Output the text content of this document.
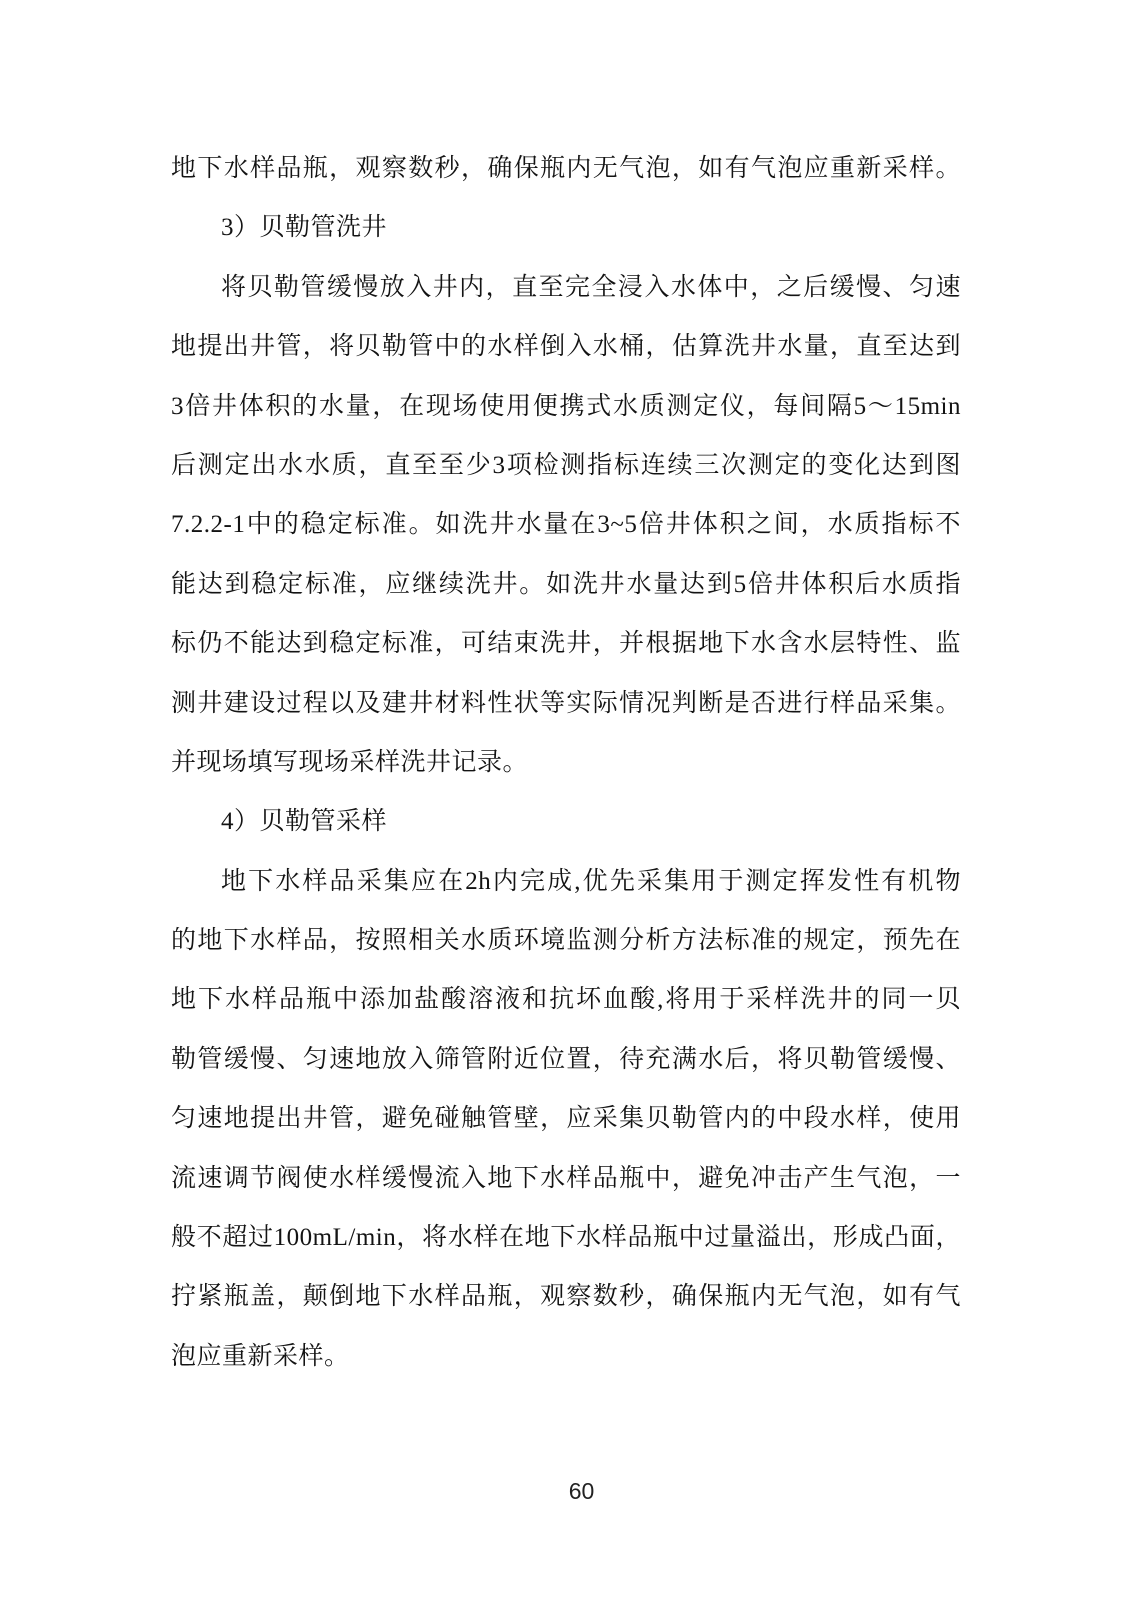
地下水样品瓶，观察数秒，确保瓶内无气泡，如有气泡应重新采样。
3）贝勒管洗井
将贝勒管缓慢放入井内，直至完全浸入水体中，之后缓慢、匀速
地提出井管，将贝勒管中的水样倒入水桶，估算洗井水量，直至达到
3倍井体积的水量，在现场使用便携式水质测定仪，每间隔5～15min
后测定出水水质，直至至少3项检测指标连续三次测定的变化达到图
7.2.2-1中的稳定标准。如洗井水量在3~5倍井体积之间，水质指标不
能达到稳定标准，应继续洗井。如洗井水量达到5倍井体积后水质指
标仍不能达到稳定标准，可结束洗井，并根据地下水含水层特性、监
测井建设过程以及建井材料性状等实际情况判断是否进行样品采集。
并现场填写现场采样洗井记录。
4）贝勒管采样
地下水样品采集应在2h内完成,优先采集用于测定挥发性有机物
的地下水样品，按照相关水质环境监测分析方法标准的规定，预先在
地下水样品瓶中添加盐酸溶液和抗坏血酸,将用于采样洗井的同一贝
勒管缓慢、匀速地放入筛管附近位置，待充满水后，将贝勒管缓慢、
匀速地提出井管，避免碰触管壁，应采集贝勒管内的中段水样，使用
流速调节阀使水样缓慢流入地下水样品瓶中，避免冲击产生气泡，一
般不超过100mL/min，将水样在地下水样品瓶中过量溢出，形成凸面，
拧紧瓶盖，颠倒地下水样品瓶，观察数秒，确保瓶内无气泡，如有气
泡应重新采样。
60
